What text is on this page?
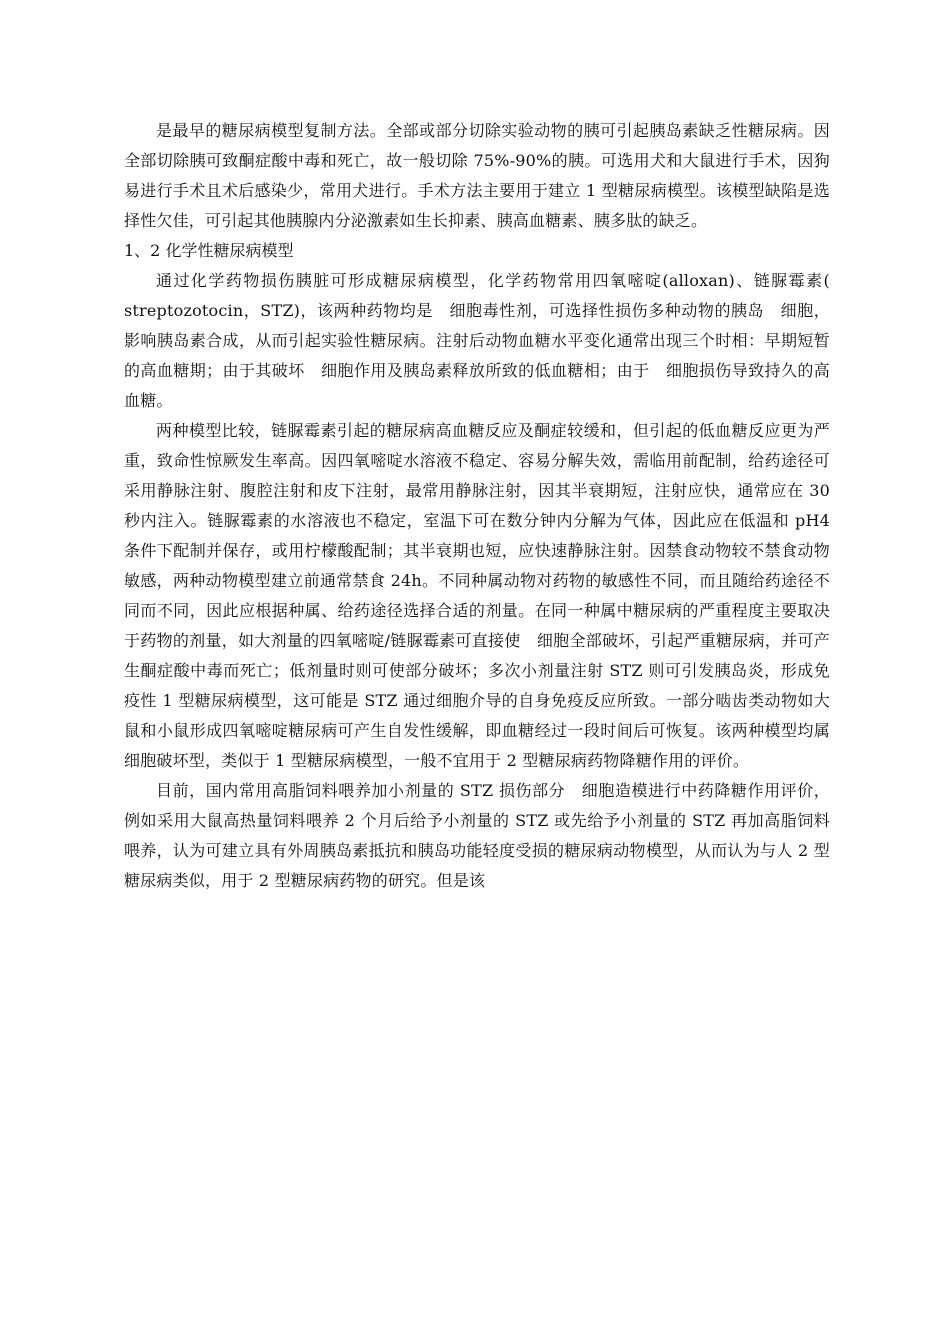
是最早的糖尿病模型复制方法。全部或部分切除实验动物的胰可引起胰岛素缺乏性糖尿病。因全部切除胰可致酮症酸中毒和死亡，故一般切除 75%-90%的胰。可选用犬和大鼠进行手术，因狗易进行手术且术后感染少，常用犬进行。手术方法主要用于建立 1 型糖尿病模型。该模型缺陷是选择性欠佳，可引起其他胰腺内分泌激素如生长抑素、胰高血糖素、胰多肽的缺乏。

1、2 化学性糖尿病模型

通过化学药物损伤胰脏可形成糖尿病模型，化学药物常用四氧嘧啶(alloxan)、链脲霉素( streptozotocin，STZ)，该两种药物均是　细胞毒性剂，可选择性损伤多种动物的胰岛　细胞，影响胰岛素合成，从而引起实验性糖尿病。注射后动物血糖水平变化通常出现三个时相：早期短暂的高血糖期；由于其破坏　细胞作用及胰岛素释放所致的低血糖相；由于　细胞损伤导致持久的高血糖。

两种模型比较，链脲霉素引起的糖尿病高血糖反应及酮症较缓和，但引起的低血糖反应更为严重，致命性惊厥发生率高。因四氧嘧啶水溶液不稳定、容易分解失效，需临用前配制，给药途径可采用静脉注射、腹腔注射和皮下注射，最常用静脉注射，因其半衰期短，注射应快，通常应在 30 秒内注入。链脲霉素的水溶液也不稳定，室温下可在数分钟内分解为气体，因此应在低温和 pH4 条件下配制并保存，或用柠檬酸配制；其半衰期也短，应快速静脉注射。因禁食动物较不禁食动物敏感，两种动物模型建立前通常禁食 24h。不同种属动物对药物的敏感性不同，而且随给药途径不同而不同，因此应根据种属、给药途径选择合适的剂量。在同一种属中糖尿病的严重程度主要取决于药物的剂量，如大剂量的四氧嘧啶/链脲霉素可直接使　细胞全部破坏，引起严重糖尿病，并可产生酮症酸中毒而死亡；低剂量时则可使部分破坏；多次小剂量注射 STZ 则可引发胰岛炎，形成免疫性 1 型糖尿病模型，这可能是 STZ 通过细胞介导的自身免疫反应所致。一部分啮齿类动物如大鼠和小鼠形成四氧嘧啶糖尿病可产生自发性缓解，即血糖经过一段时间后可恢复。该两种模型均属　细胞破坏型，类似于 1 型糖尿病模型，一般不宜用于 2 型糖尿病药物降糖作用的评价。

目前，国内常用高脂饲料喂养加小剂量的 STZ 损伤部分　细胞造模进行中药降糖作用评价，例如采用大鼠高热量饲料喂养 2 个月后给予小剂量的 STZ 或先给予小剂量的 STZ 再加高脂饲料喂养，认为可建立具有外周胰岛素抵抗和胰岛功能轻度受损的糖尿病动物模型，从而认为与人 2 型糖尿病类似，用于 2 型糖尿病药物的研究。但是该
